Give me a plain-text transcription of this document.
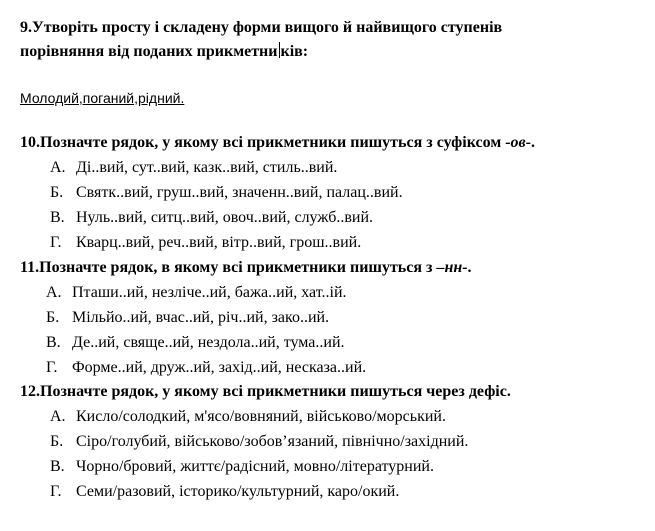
9.Утворіть просту і складену форми вищого й найвищого ступенів
порівняння від поданих прикметни ків:
Молодий,поганий,рідний.
10.Позначте рядок, у якому всі прикметники пишуться з суфіксом -ов-.
А. Ді..вий, сут..вий, казк..вий, стиль..вий.
Б. Святк..вий, груш..вий, значенн..вий, палац..вий.
В. Нуль..вий, ситц..вий, овоч..вий, служб..вий.
Г. Кварц..вий, реч..вий, вітр..вий, грош..вий.
11.Позначте рядок, в якому всі прикметники пишуться з –нн-.
А. Пташи..ий, незліче..ий, бажа..ий, хат..ій.
Б. Мільйо..ий, вчас..ий, річ..ий, зако..ий.
В. Де..ий, свяще..ий, нездола..ий, тума..ий.
Г. Форме..ий, друж..ий, захід..ий, несказа..ий.
12.Позначте рядок, у якому всі прикметники пишуться через дефіс.
А. Кисло/солодкий, м'ясо/вовняний, військово/морський.
Б. Сіро/голубий, військово/зобов’язаний, північно/західний.
В. Чорно/бровий, життє/радісний, мовно/літературний.
Г. Семи/разовий, історико/культурний, каро/окий.
